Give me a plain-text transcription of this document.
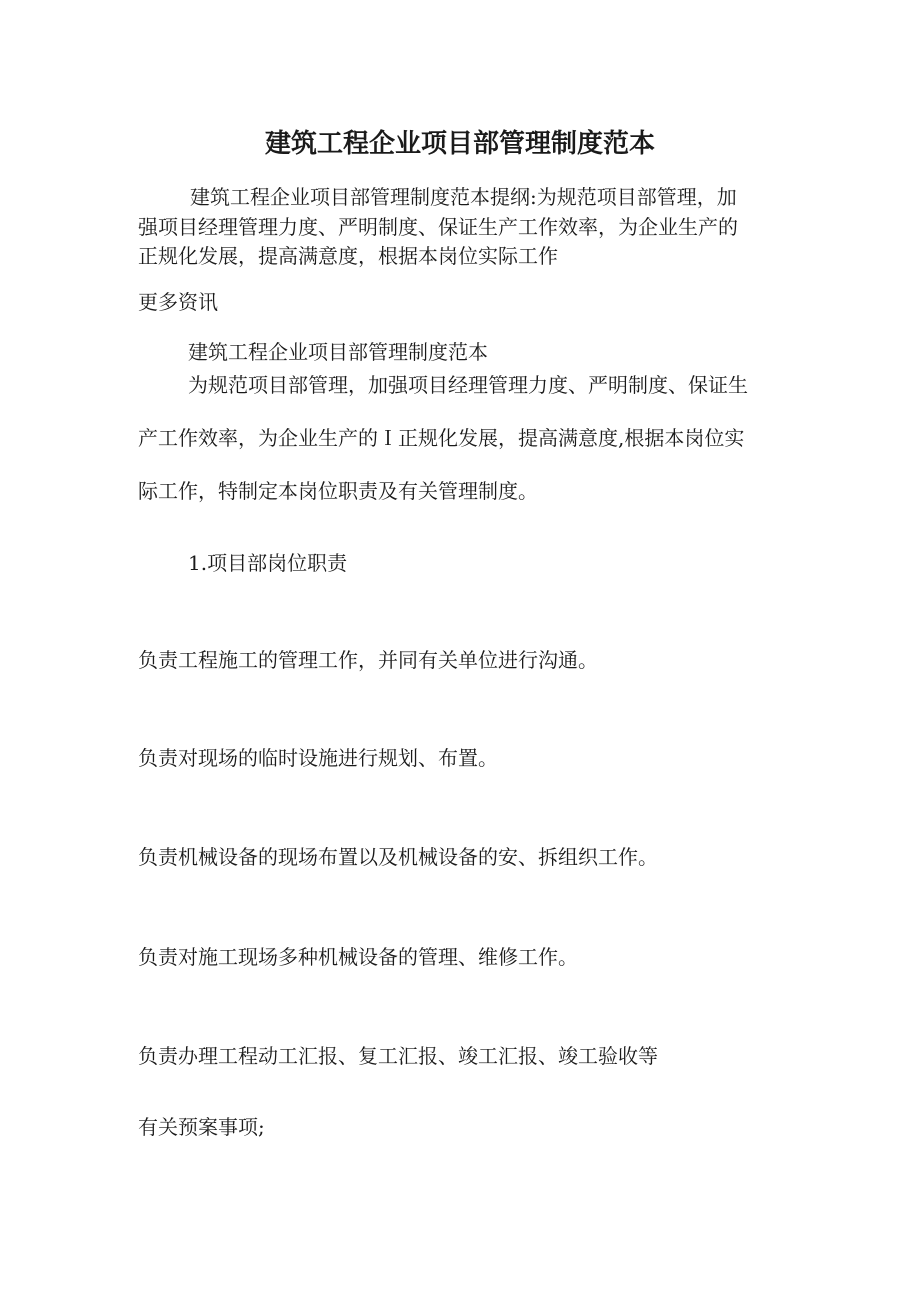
建筑工程企业项目部管理制度范本

建筑工程企业项目部管理制度范本提纲:为规范项目部管理，加

强项目经理管理力度、严明制度、保证生产工作效率，为企业生产的

正规化发展，提高满意度，根据本岗位实际工作

更多资讯

建筑工程企业项目部管理制度范本

为规范项目部管理，加强项目经理管理力度、严明制度、保证生

产工作效率，为企业生产的Ｉ正规化发展，提高满意度,根据本岗位实

际工作，特制定本岗位职责及有关管理制度。

1.项目部岗位职责

负责工程施工的管理工作，并同有关单位进行沟通。

负责对现场的临时设施进行规划、布置。

负责机械设备的现场布置以及机械设备的安、拆组织工作。

负责对施工现场多种机械设备的管理、维修工作。

负责办理工程动工汇报、复工汇报、竣工汇报、竣工验收等

有关预案事项;
